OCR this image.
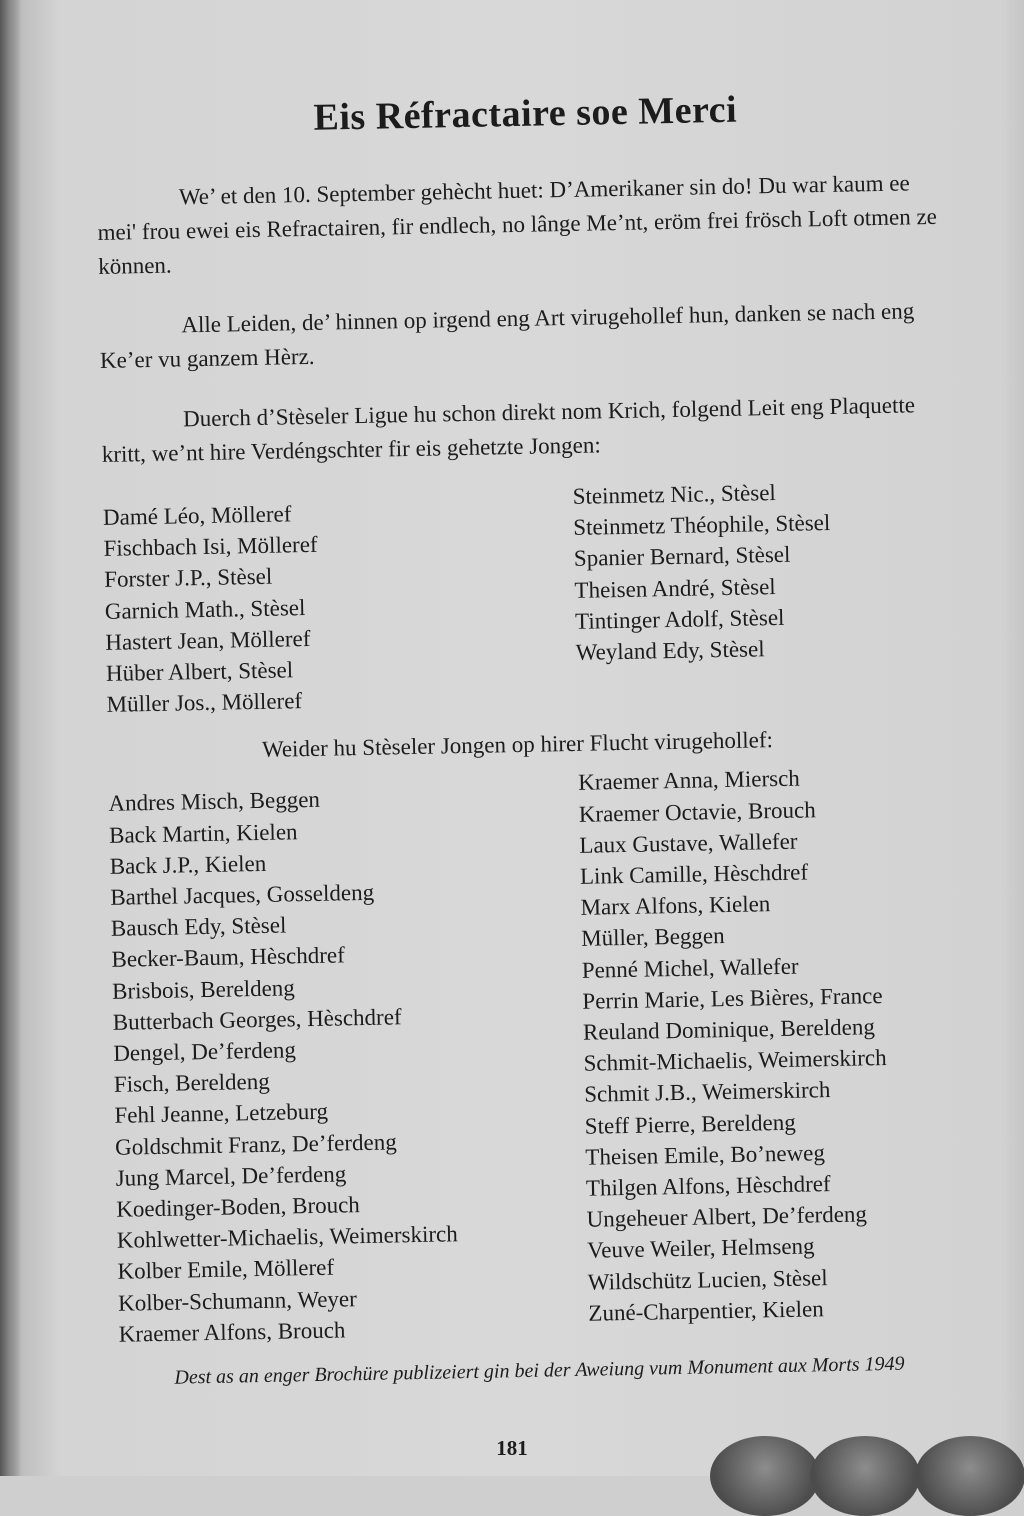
Eis Réfractaire soe Merci

We’ et den 10. September gehècht huet: D’Amerikaner sin do! Du war kaum ee mei' frou ewei eis Refractairen, fir endlech, no lânge Me’nt, eröm frei frösch Loft otmen ze können.

Alle Leiden, de’ hinnen op irgend eng Art virugehollef hun, danken se nach eng Ke’er vu ganzem Hèrz.

Duerch d’Stèseler Ligue hu schon direkt nom Krich, folgend Leit eng Plaquette kritt, we’nt hire Verdéngschter fir eis gehetzte Jongen:

Damé Léo, Mölleref
Fischbach Isi, Mölleref
Forster J.P., Stèsel
Garnich Math., Stèsel
Hastert Jean, Mölleref
Hüber Albert, Stèsel
Müller Jos., Mölleref
Steinmetz Nic., Stèsel
Steinmetz Théophile, Stèsel
Spanier Bernard, Stèsel
Theisen André, Stèsel
Tintinger Adolf, Stèsel
Weyland Edy, Stèsel
Weider hu Stèseler Jongen op hirer Flucht virugehollef:
Andres Misch, Beggen
Back Martin, Kielen
Back J.P., Kielen
Barthel Jacques, Gosseldeng
Bausch Edy, Stèsel
Becker-Baum, Hèschdref
Brisbois, Bereldeng
Butterbach Georges, Hèschdref
Dengel, De’ferdeng
Fisch, Bereldeng
Fehl Jeanne, Letzeburg
Goldschmit Franz, De’ferdeng
Jung Marcel, De’ferdeng
Koedinger-Boden, Brouch
Kohlwetter-Michaelis, Weimerskirch
Kolber Emile, Mölleref
Kolber-Schumann, Weyer
Kraemer Alfons, Brouch
Kraemer Anna, Miersch
Kraemer Octavie, Brouch
Laux Gustave, Wallefer
Link Camille, Hèschdref
Marx Alfons, Kielen
Müller, Beggen
Penné Michel, Wallefer
Perrin Marie, Les Bières, France
Reuland Dominique, Bereldeng
Schmit-Michaelis, Weimerskirch
Schmit J.B., Weimerskirch
Steff Pierre, Bereldeng
Theisen Emile, Bo’neweg
Thilgen Alfons, Hèschdref
Ungeheuer Albert, De’ferdeng
Veuve Weiler, Helmseng
Wildschütz Lucien, Stèsel
Zuné-Charpentier, Kielen
Dest as an enger Brochüre publizeiert gin bei der Aweiung vum Monument aux Morts 1949
181
